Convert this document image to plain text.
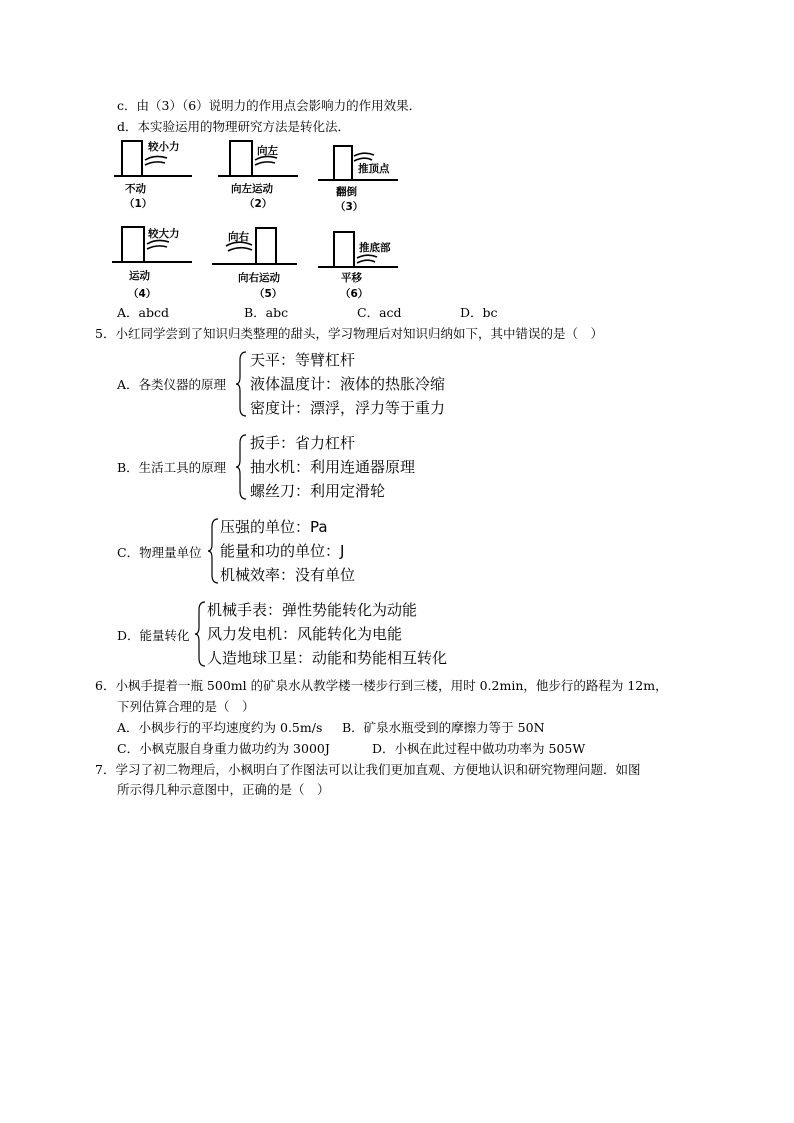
c．由（3）（6）说明力的作用点会影响力的作用效果．
d．本实验运用的物理研究方法是转化法．
较小力
不动
（1）
向左
向左运动
（2）
推顶点
翻倒
（3）
较大力
运动
（4）
向右
向右运动
（5）
推底部
平移
（6）
A．abcd	B．abc	C．acd	D．bc
5．小红同学尝到了知识归类整理的甜头，学习物理后对知识归纳如下，其中错误的是（　）
A．各类仪器的原理
天平：等臂杠杆
液体温度计：液体的热胀冷缩
密度计：漂浮，浮力等于重力
B．生活工具的原理
扳手：省力杠杆
抽水机：利用连通器原理
螺丝刀：利用定滑轮
C．物理量单位
压强的单位：Pa
能量和功的单位：J
机械效率：没有单位
D．能量转化
机械手表：弹性势能转化为动能
风力发电机：风能转化为电能
人造地球卫星：动能和势能相互转化
6．小枫手提着一瓶 500ml 的矿泉水从教学楼一楼步行到三楼，用时 0.2min，他步行的路程为 12m，
下列估算合理的是（　）
A．小枫步行的平均速度约为 0.5m/s B．矿泉水瓶受到的摩擦力等于 50N
C．小枫克服自身重力做功约为 3000J	D．小枫在此过程中做功功率为 505W
7．学习了初二物理后，小枫明白了作图法可以让我们更加直观、方便地认识和研究物理问题．如图
所示得几种示意图中，正确的是（　）
